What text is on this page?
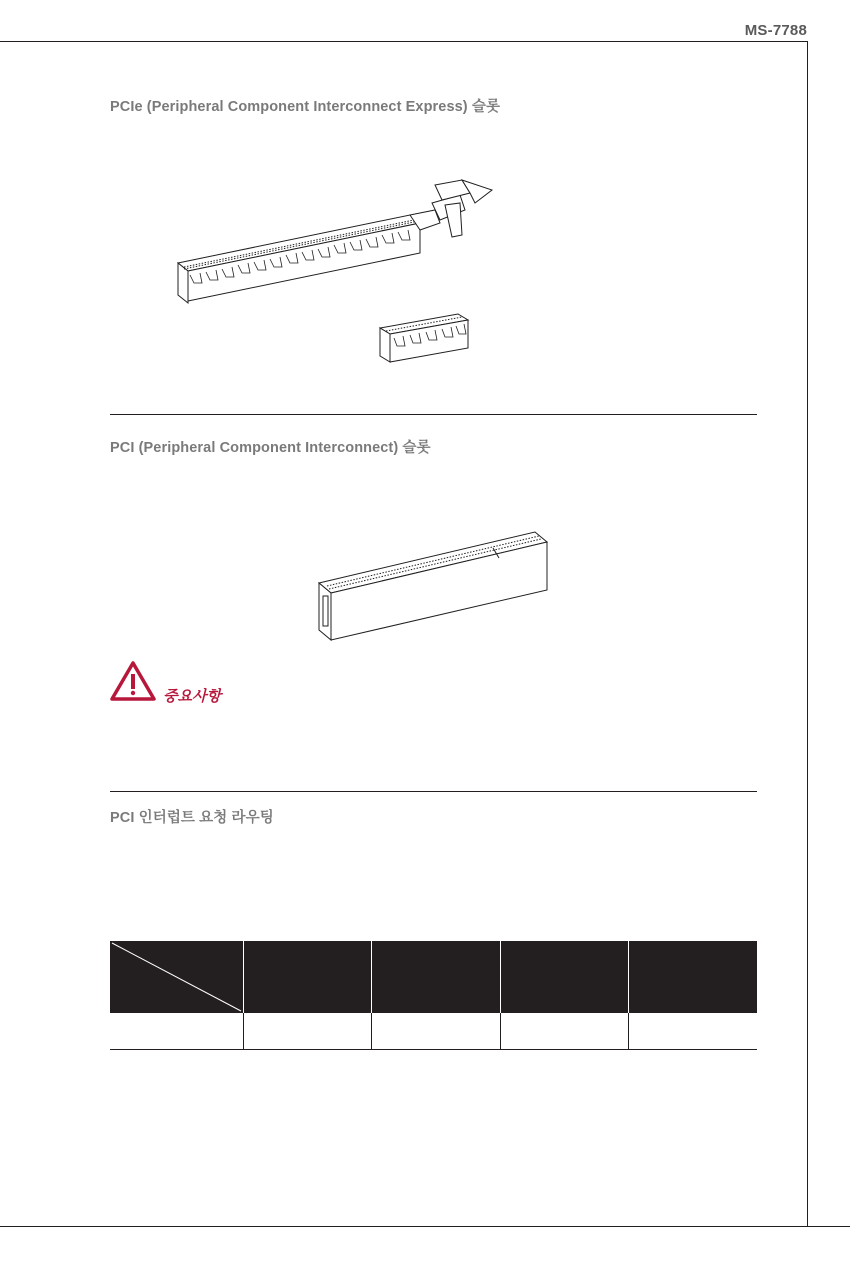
MS-7788
PCIe (Peripheral Component Interconnect Express) 슬롯
PCI (Peripheral Component Interconnect) 슬롯
중요사항
PCI 인터럽트 요청 라우팅
